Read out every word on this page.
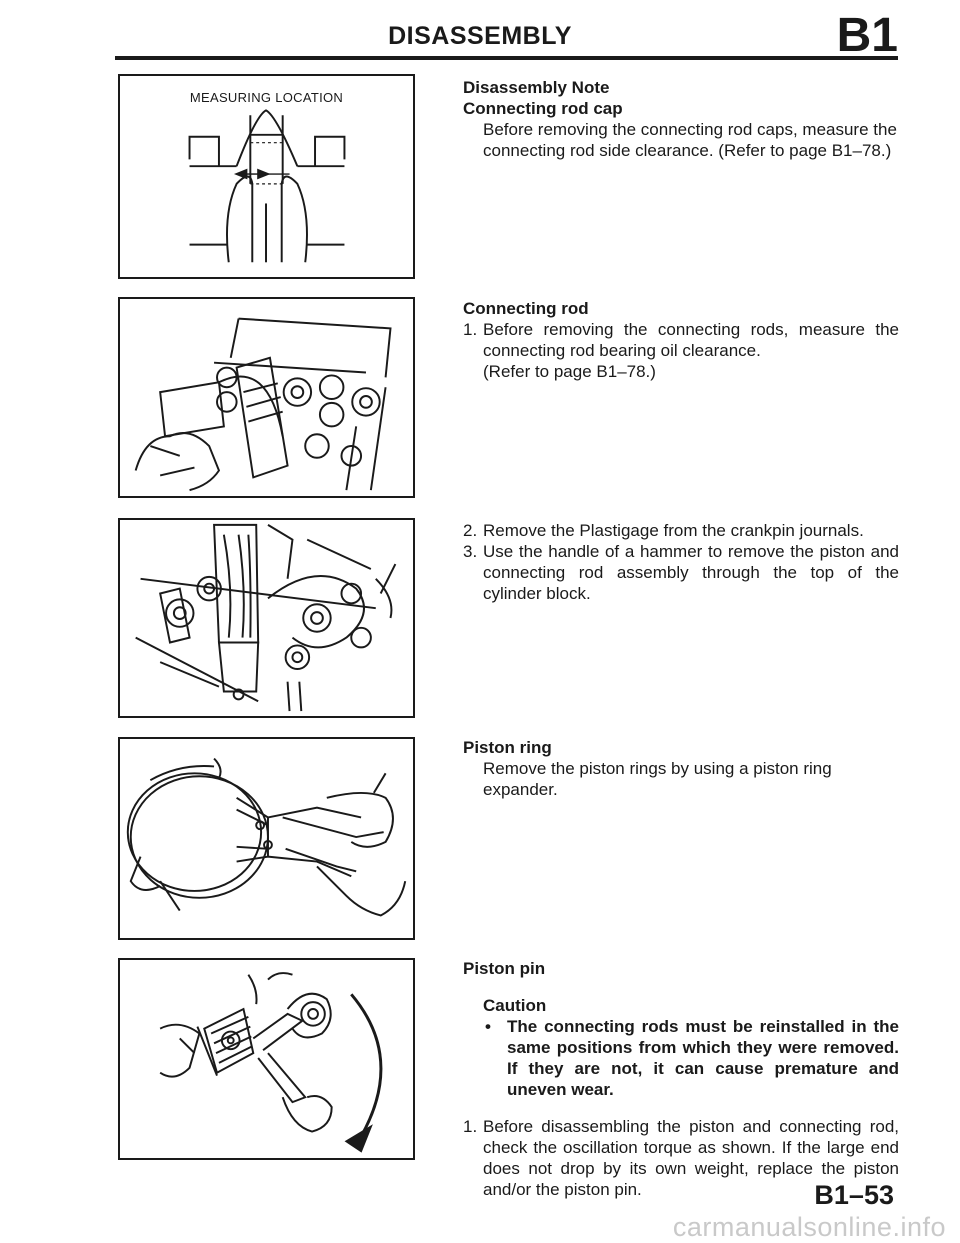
DISASSEMBLY	B1
MEASURING LOCATION
Disassembly Note
Connecting rod cap
Before removing the connecting rod caps, measure the connecting rod side clearance. (Refer to page B1–78.)
Connecting rod
1. Before removing the connecting rods, measure the connecting rod bearing oil clearance.
(Refer to page B1–78.)
2. Remove the Plastigage from the crankpin journals.
3. Use the handle of a hammer to remove the piston and connecting rod assembly through the top of the cylinder block.
Piston ring
Remove the piston rings by using a piston ring expander.
Piston pin
Caution
• The connecting rods must be reinstalled in the same positions from which they were removed. If they are not, it can cause premature and uneven wear.
1. Before disassembling the piston and connecting rod, check the oscillation torque as shown. If the large end does not drop by its own weight, replace the piston and/or the piston pin.	B1–53
carmanualsonline.info
